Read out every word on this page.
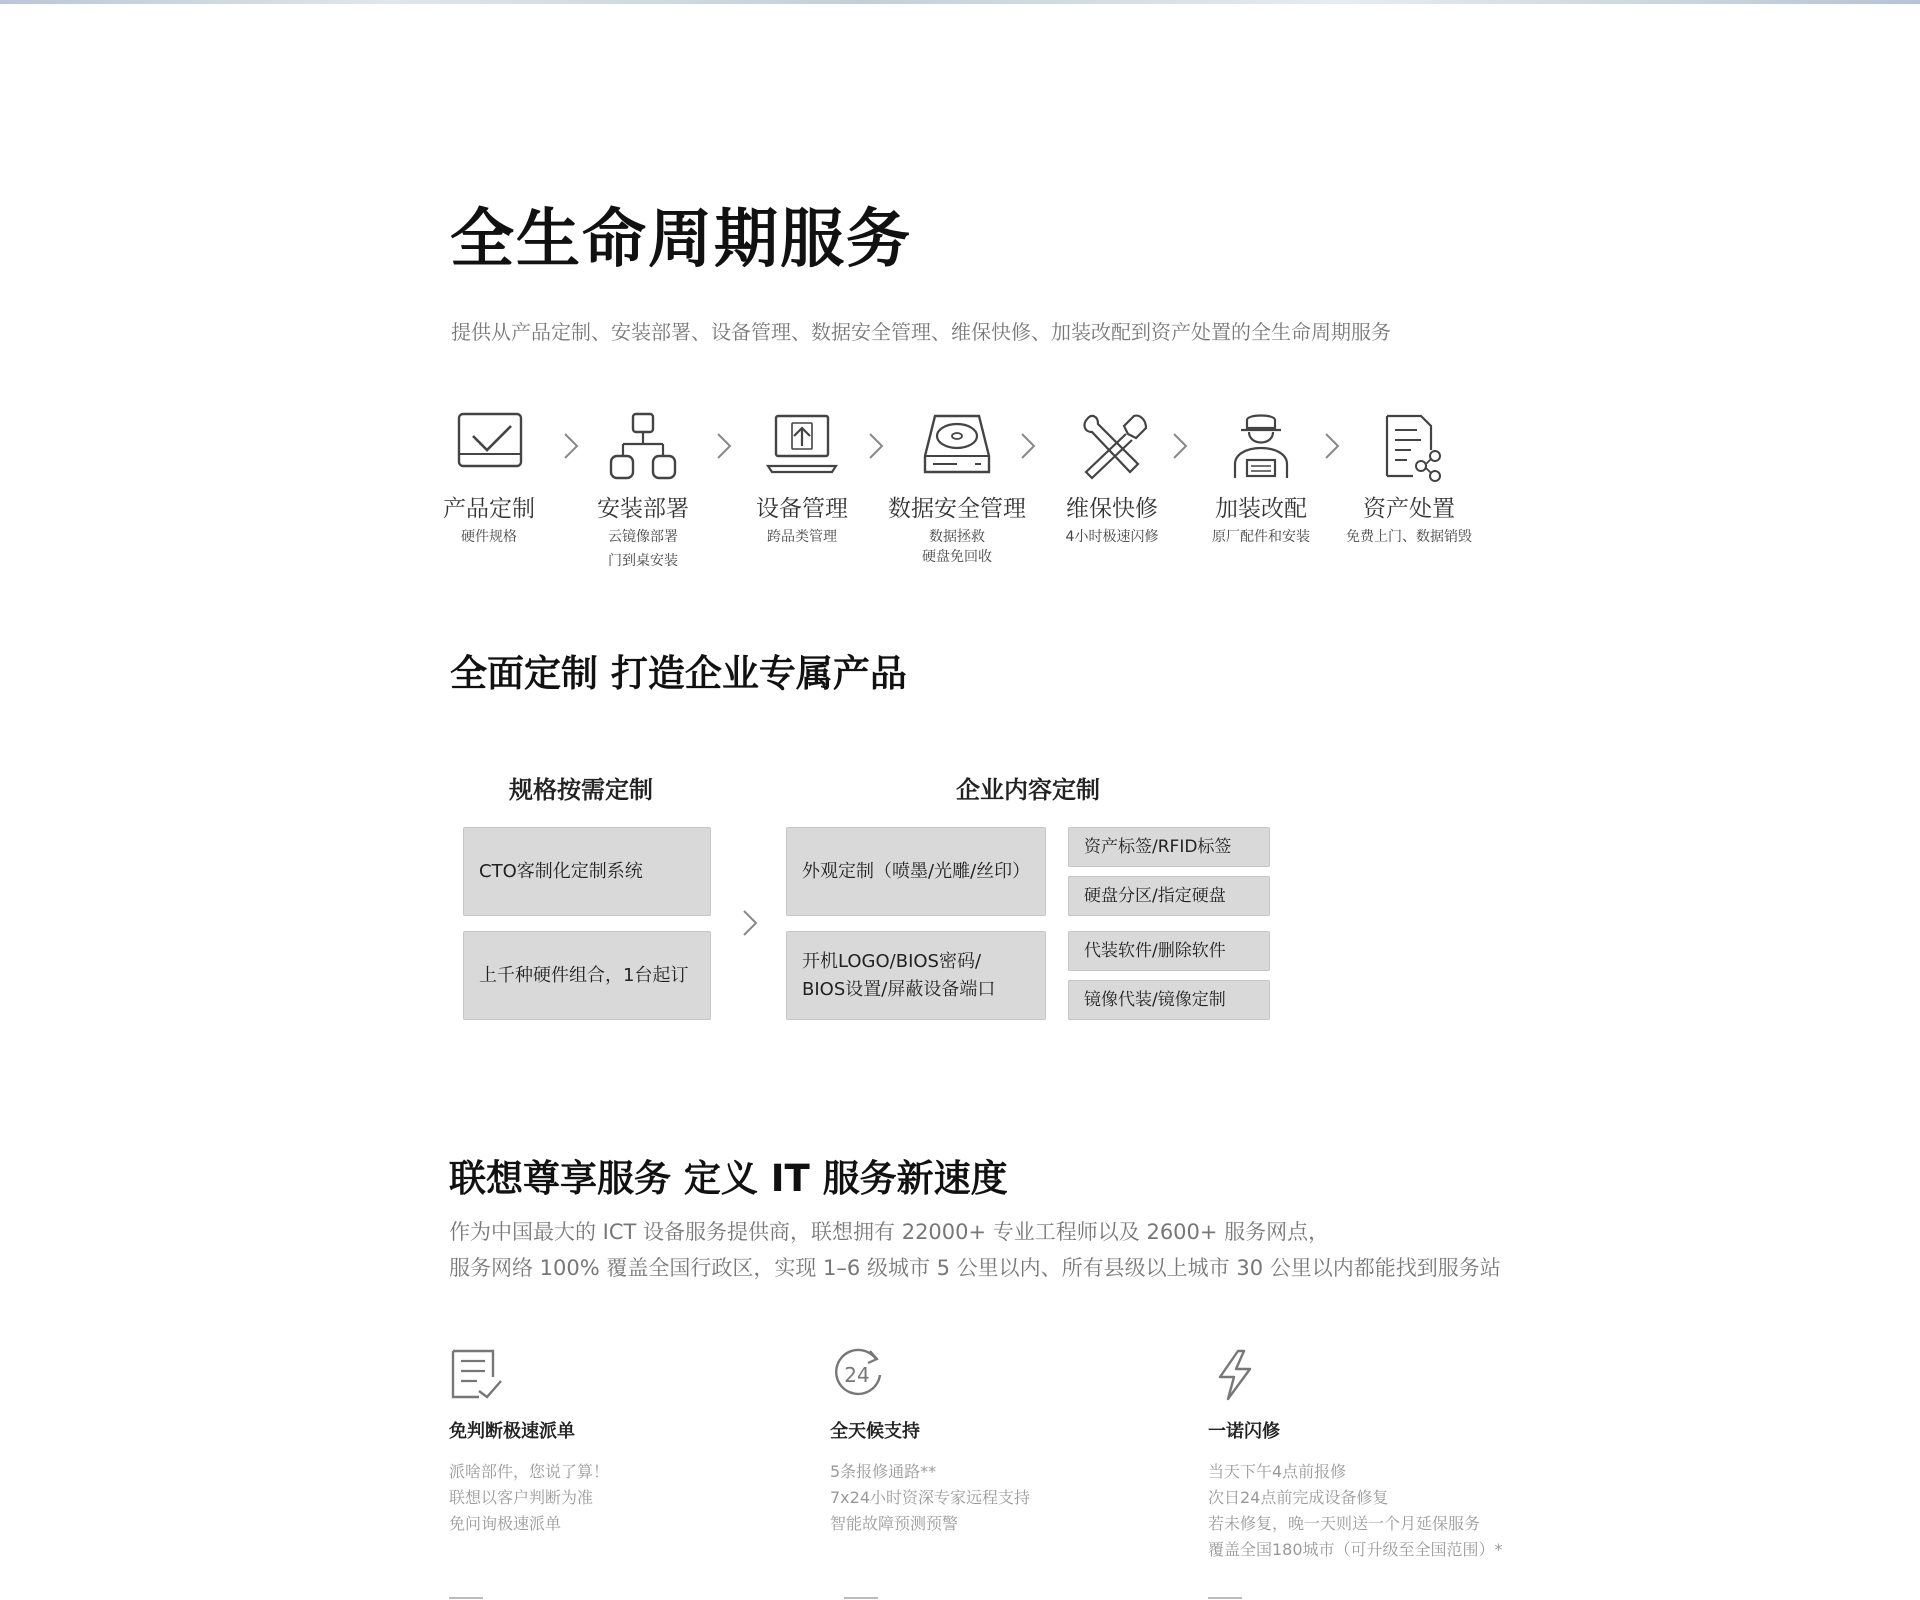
全生命周期服务
提供从产品定制、安装部署、设备管理、数据安全管理、维保快修、加装改配到资产处置的全生命周期服务
产品定制
硬件规格
安装部署
云镜像部署
门到桌安装
设备管理
跨品类管理
数据安全管理
数据拯救
硬盘免回收
维保快修
4小时极速闪修
加装改配
原厂配件和安装
资产处置
免费上门、数据销毁
全面定制 打造企业专属产品
规格按需定制	企业内容定制
CTO客制化定制系统
上千种硬件组合，1台起订
外观定制（喷墨/光雕/丝印）
开机LOGO/BIOS密码/
BIOS设置/屏蔽设备端口
资产标签/RFID标签
硬盘分区/指定硬盘
代装软件/删除软件
镜像代装/镜像定制
联想尊享服务 定义 IT 服务新速度
作为中国最大的 ICT 设备服务提供商，联想拥有 22000+ 专业工程师以及 2600+ 服务网点，
服务网络 100% 覆盖全国行政区，实现 1–6 级城市 5 公里以内、所有县级以上城市 30 公里以内都能找到服务站
免判断极速派单
派啥部件，您说了算！
联想以客户判断为准
免问询极速派单
24
全天候支持
5条报修通路**
7x24小时资深专家远程支持
智能故障预测预警
一诺闪修
当天下午4点前报修
次日24点前完成设备修复
若未修复，晚一天则送一个月延保服务
覆盖全国180城市（可升级至全国范围）*
